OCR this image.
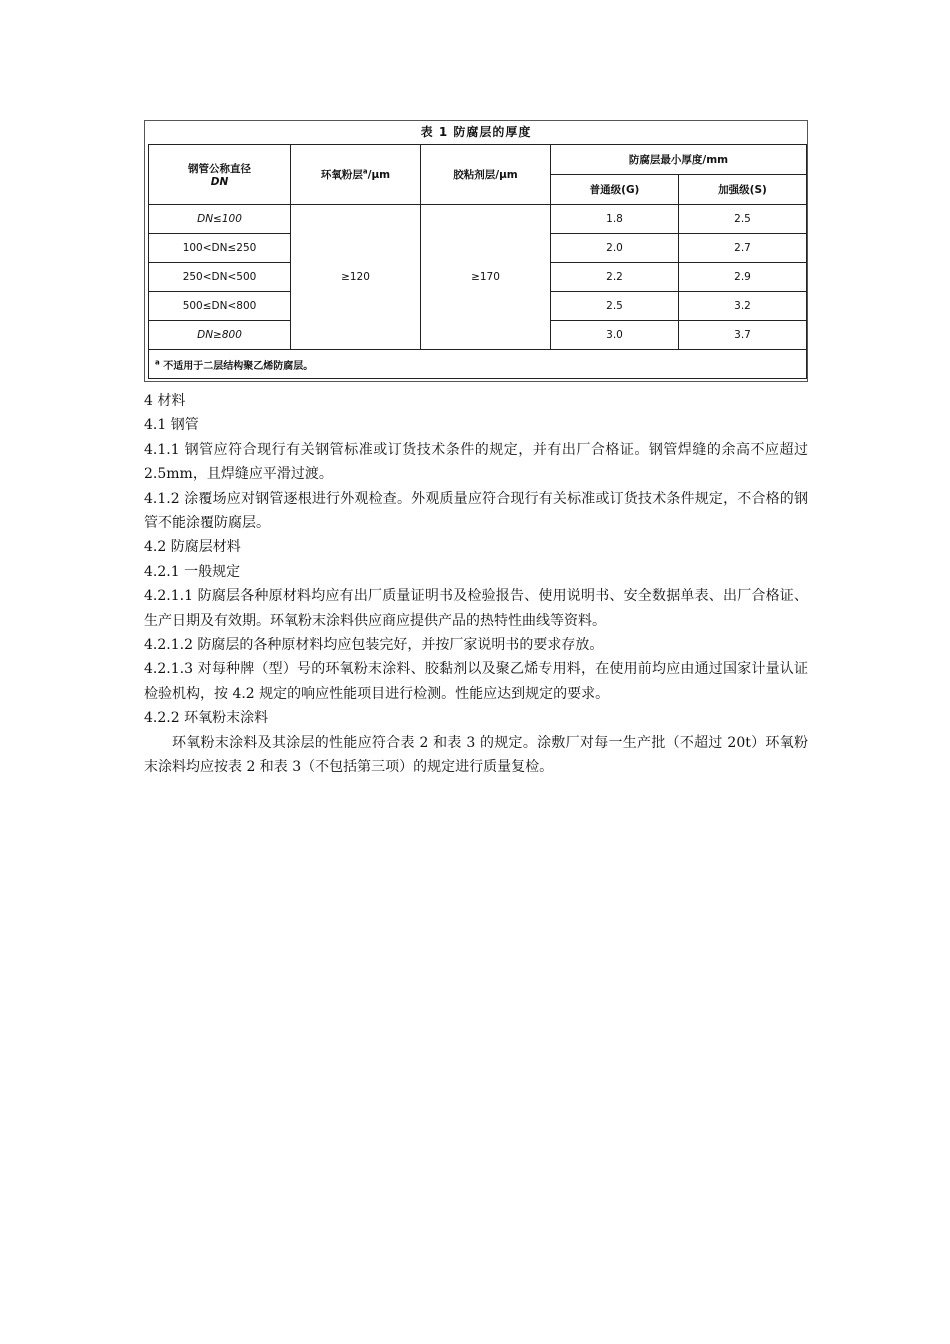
表 1 防腐层的厚度
钢管公称直径
DN	环氧粉层$^a$/μm	胶粘剂层/μm	防腐层最小厚度/mm	
			普通级(G)	加强级(S)
DN≤100	≥120	≥170	1.8	2.5
100<DN≤250			2.0	2.7
250<DN<500			2.2	2.9
500≤DN<800			2.5	3.2
DN≥800			3.0	3.7
$^a$ 不适用于二层结构聚乙烯防腐层。				

4 材料

4.1 钢管

4.1.1 钢管应符合现行有关钢管标准或订货技术条件的规定，并有出厂合格证。钢管焊缝的余高不应超过 2.5mm，且焊缝应平滑过渡。

4.1.2 涂覆场应对钢管逐根进行外观检查。外观质量应符合现行有关标准或订货技术条件规定，不合格的钢管不能涂覆防腐层。

4.2 防腐层材料

4.2.1 一般规定

4.2.1.1 防腐层各种原材料均应有出厂质量证明书及检验报告、使用说明书、安全数据单表、出厂合格证、生产日期及有效期。环氧粉末涂料供应商应提供产品的热特性曲线等资料。

4.2.1.2 防腐层的各种原材料均应包装完好，并按厂家说明书的要求存放。

4.2.1.3 对每种牌（型）号的环氧粉末涂料、胶黏剂以及聚乙烯专用料，在使用前均应由通过国家计量认证检验机构，按 4.2 规定的响应性能项目进行检测。性能应达到规定的要求。

4.2.2 环氧粉末涂料

环氧粉末涂料及其涂层的性能应符合表 2 和表 3 的规定。涂敷厂对每一生产批（不超过 20t）环氧粉末涂料均应按表 2 和表 3（不包括第三项）的规定进行质量复检。
